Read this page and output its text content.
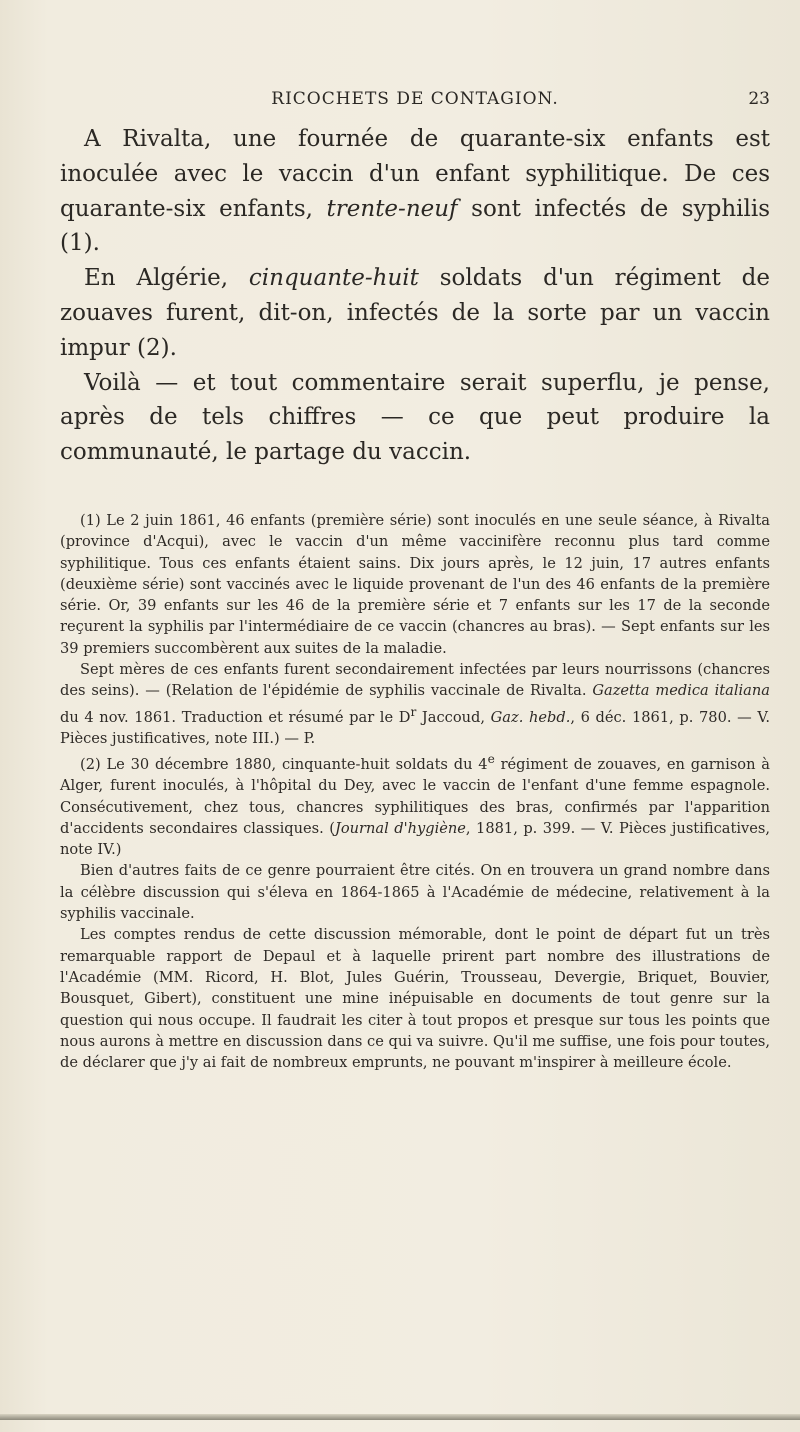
RICOCHETS DE CONTAGION.	23

A Rivalta, une fournée de quarante-six enfants est inoculée avec le vaccin d'un enfant syphilitique. De ces quarante-six enfants, trente-neuf sont infectés de syphilis (1).

En Algérie, cinquante-huit soldats d'un régiment de zouaves furent, dit-on, infectés de la sorte par un vaccin impur (2).

Voilà — et tout commentaire serait superflu, je pense, après de tels chiffres — ce que peut produire la communauté, le partage du vaccin.

(1) Le 2 juin 1861, 46 enfants (première série) sont inoculés en une seule séance, à Rivalta (province d'Acqui), avec le vaccin d'un même vaccinifère reconnu plus tard comme syphilitique. Tous ces enfants étaient sains. Dix jours après, le 12 juin, 17 autres enfants (deuxième série) sont vaccinés avec le liquide provenant de l'un des 46 enfants de la première série. Or, 39 enfants sur les 46 de la première série et 7 enfants sur les 17 de la seconde reçurent la syphilis par l'intermédiaire de ce vaccin (chancres au bras). — Sept enfants sur les 39 premiers succombèrent aux suites de la maladie.

Sept mères de ces enfants furent secondairement infectées par leurs nourrissons (chancres des seins). — (Relation de l'épidémie de syphilis vaccinale de Rivalta. Gazetta medica italiana du 4 nov. 1861. Traduction et résumé par le $D^r$ Jaccoud, Gaz. hebd., 6 déc. 1861, p. 780. — V. Pièces justificatives, note III.) — P.

(2) Le 30 décembre 1880, cinquante-huit soldats du 4e régiment de zouaves, en garnison à Alger, furent inoculés, à l'hôpital du Dey, avec le vaccin de l'enfant d'une femme espagnole. Consécutivement, chez tous, chancres syphilitiques des bras, confirmés par l'apparition d'accidents secondaires classiques. (Journal d'hygiène, 1881, p. 399. — V. Pièces justificatives, note IV.)

Bien d'autres faits de ce genre pourraient être cités. On en trouvera un grand nombre dans la célèbre discussion qui s'éleva en 1864-1865 à l'Académie de médecine, relativement à la syphilis vaccinale.

Les comptes rendus de cette discussion mémorable, dont le point de départ fut un très remarquable rapport de Depaul et à laquelle prirent part nombre des illustrations de l'Académie (MM. Ricord, H. Blot, Jules Guérin, Trousseau, Devergie, Briquet, Bouvier, Bousquet, Gibert), constituent une mine inépuisable en documents de tout genre sur la question qui nous occupe. Il faudrait les citer à tout propos et presque sur tous les points que nous aurons à mettre en discussion dans ce qui va suivre. Qu'il me suffise, une fois pour toutes, de déclarer que j'y ai fait de nombreux emprunts, ne pouvant m'inspirer à meilleure école.
